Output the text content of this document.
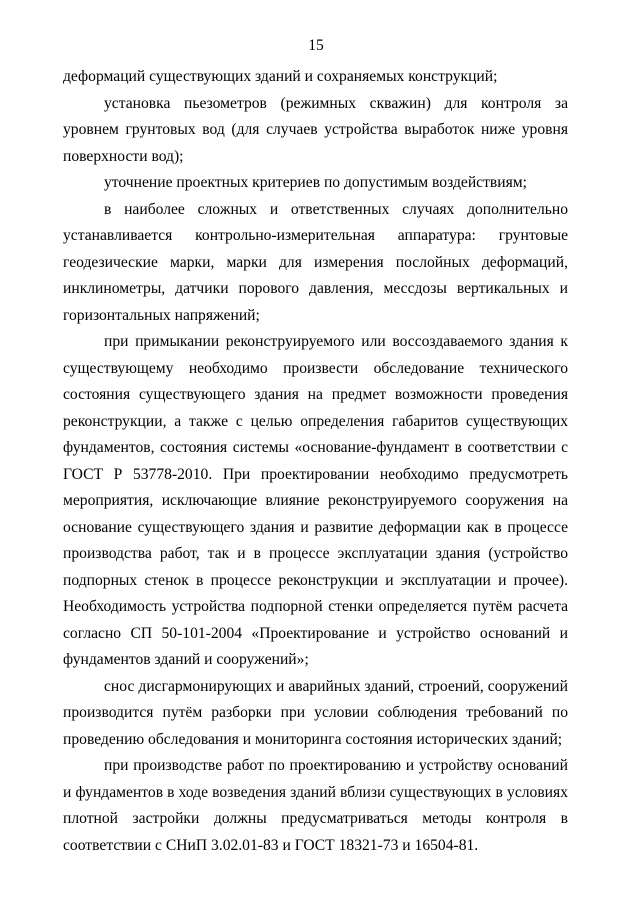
15

деформаций существующих зданий и сохраняемых конструкций;

установка пьезометров (режимных скважин) для контроля за уровнем грунтовых вод (для случаев устройства выработок ниже уровня поверхности вод);

уточнение проектных критериев по допустимым воздействиям;

в наиболее сложных и ответственных случаях дополнительно устанавливается контрольно-измерительная аппаратура: грунтовые геодезические марки, марки для измерения послойных деформаций, инклинометры, датчики порового давления, мессдозы вертикальных и горизонтальных напряжений;

при примыкании реконструируемого или воссоздаваемого здания к существующему необходимо произвести обследование технического состояния существующего здания на предмет возможности проведения реконструкции, а также с целью определения габаритов существующих фундаментов, состояния системы «основание-фундамент в соответствии с ГОСТ Р 53778-2010. При проектировании необходимо предусмотреть мероприятия, исключающие влияние реконструируемого сооружения на основание существующего здания и развитие деформации как в процессе производства работ, так и в процессе эксплуатации здания (устройство подпорных стенок в процессе реконструкции и эксплуатации и прочее). Необходимость устройства подпорной стенки определяется путём расчета согласно СП 50-101-2004 «Проектирование и устройство оснований и фундаментов зданий и сооружений»;

снос дисгармонирующих и аварийных зданий, строений, сооружений производится путём разборки при условии соблюдения требований по проведению обследования и мониторинга состояния исторических зданий;

при производстве работ по проектированию и устройству оснований и фундаментов в ходе возведения зданий вблизи существующих в условиях плотной застройки должны предусматриваться методы контроля в соответствии с СНиП 3.02.01-83 и ГОСТ 18321-73 и 16504-81.
